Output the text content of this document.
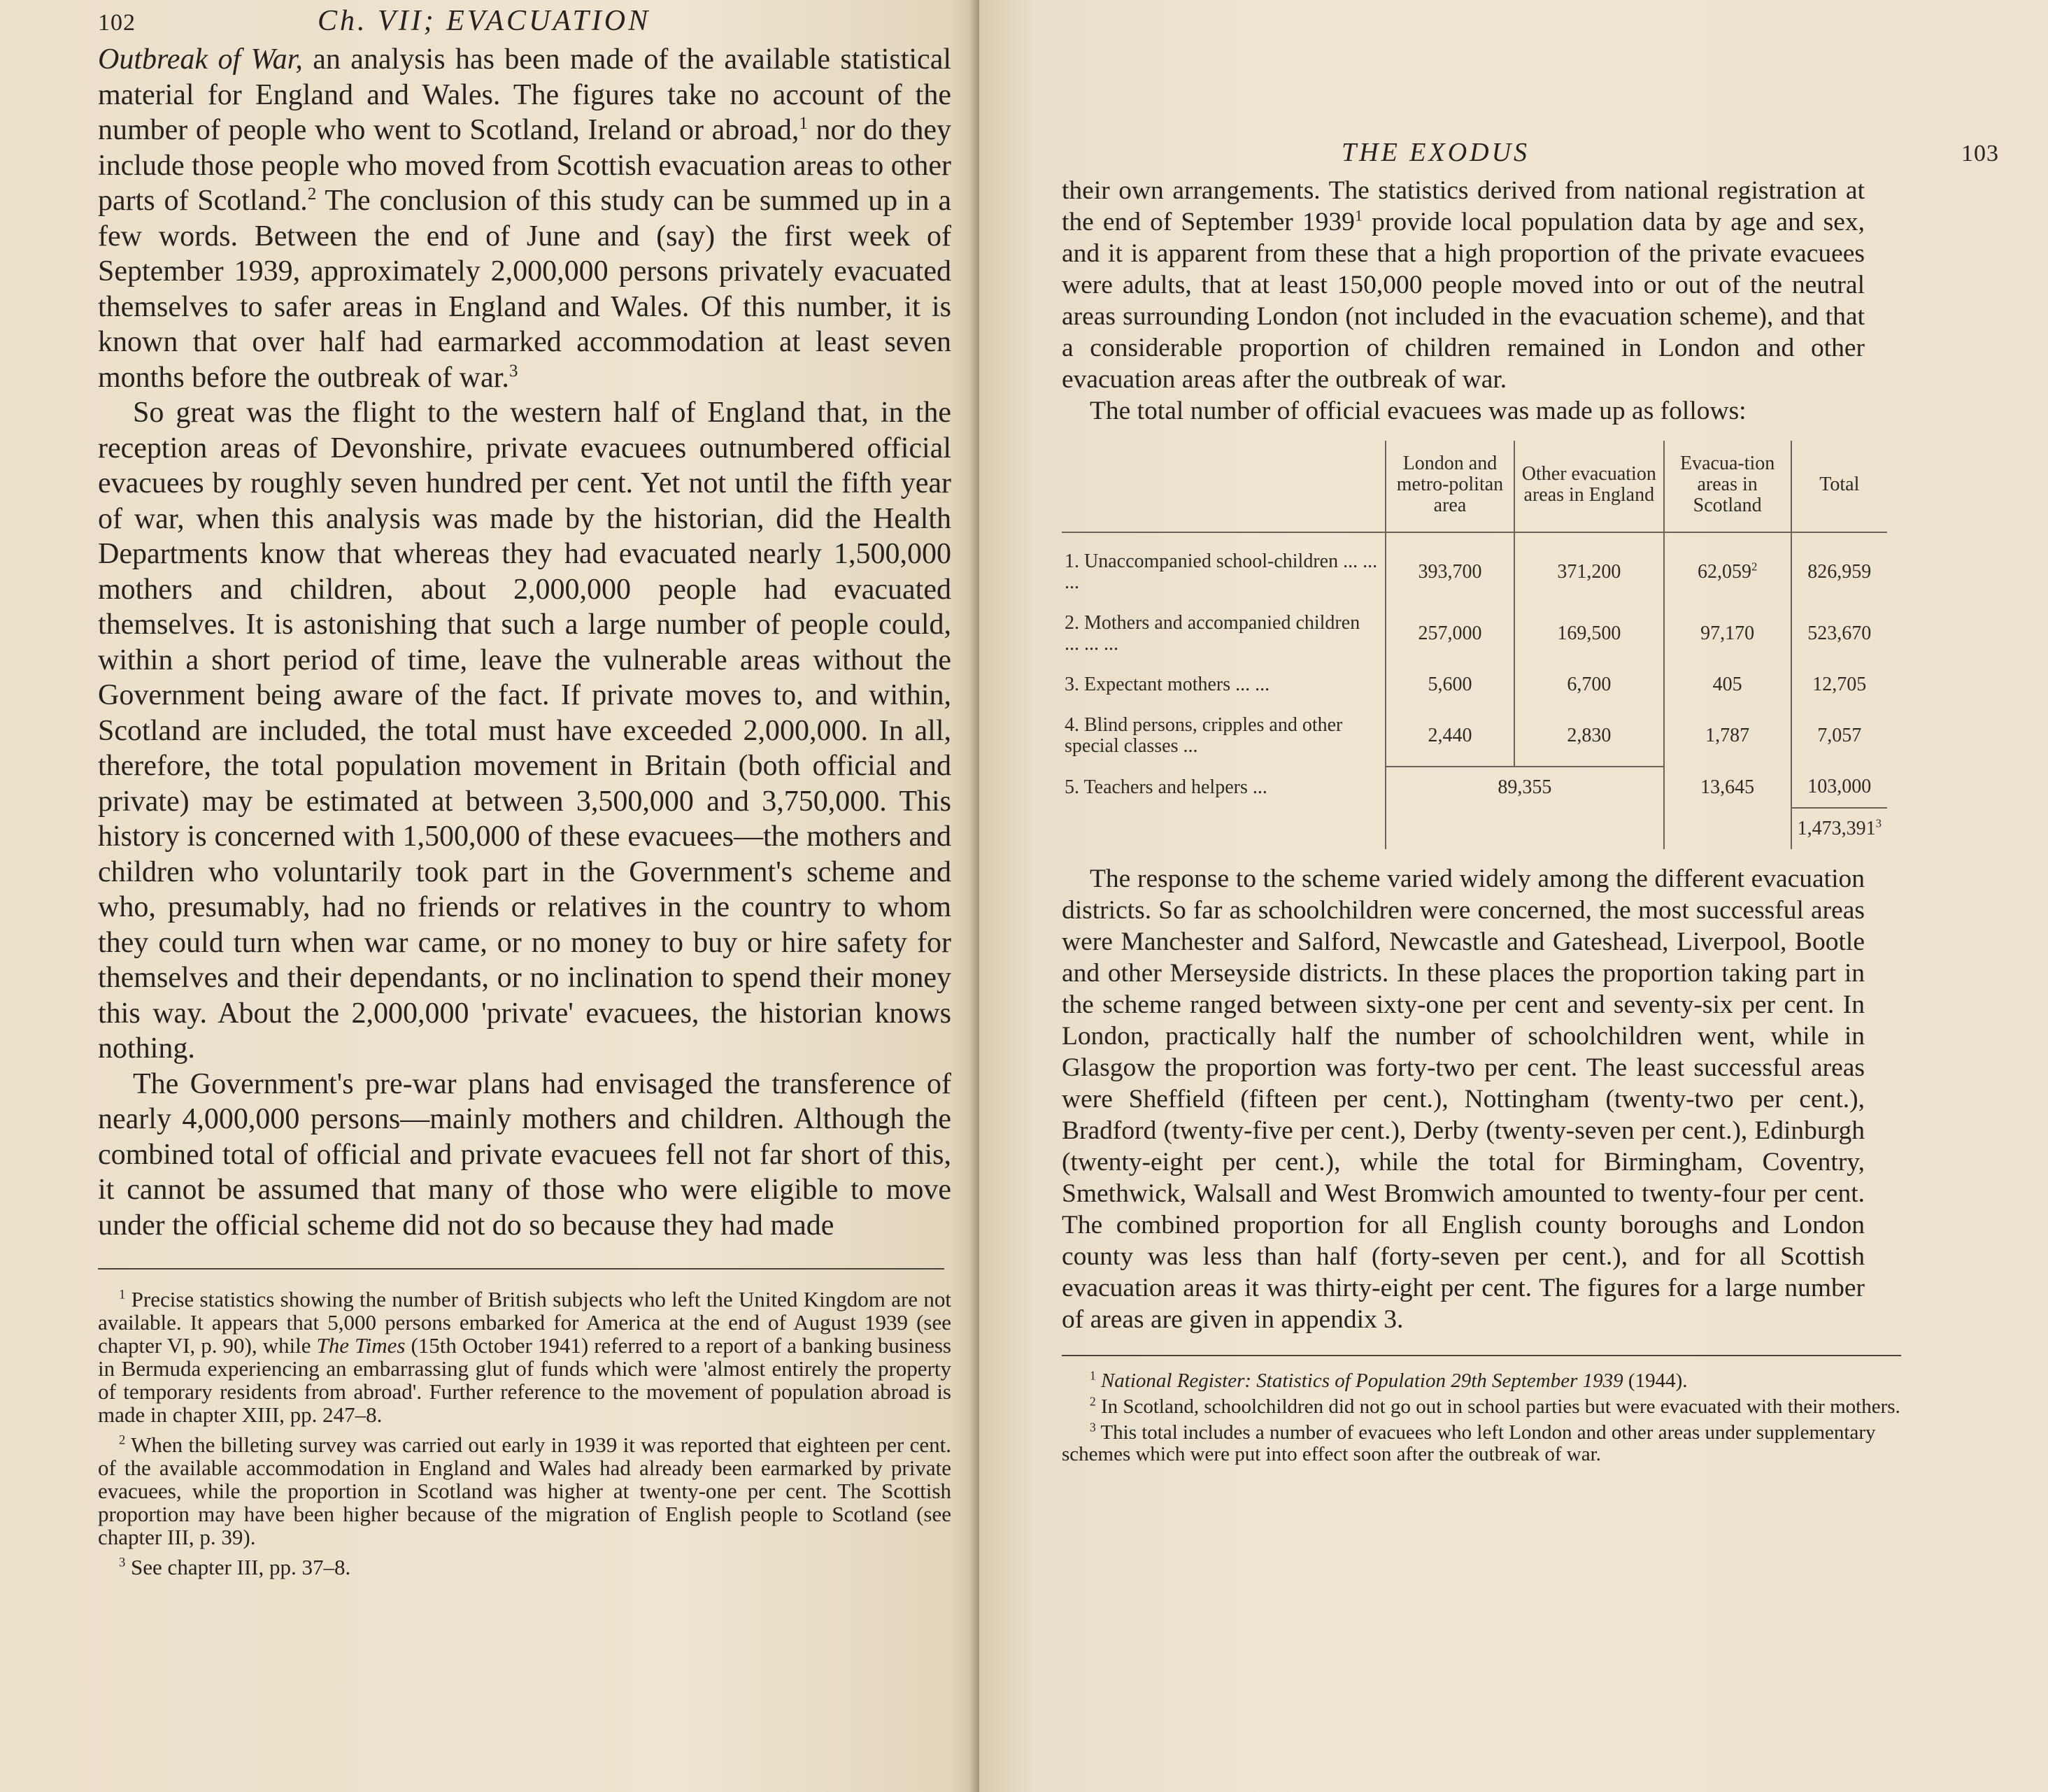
102	Ch. VII; EVACUATION

Outbreak of War, an analysis has been made of the available statistical material for England and Wales. The figures take no account of the number of people who went to Scotland, Ireland or abroad,$^1$ nor do they include those people who moved from Scottish evacuation areas to other parts of Scotland.$^2$ The conclusion of this study can be summed up in a few words. Between the end of June and (say) the first week of September 1939, approximately 2,000,000 persons privately evacuated themselves to safer areas in England and Wales. Of this number, it is known that over half had earmarked accommodation at least seven months before the outbreak of war.$^3$

So great was the flight to the western half of England that, in the reception areas of Devonshire, private evacuees outnumbered official evacuees by roughly seven hundred per cent. Yet not until the fifth year of war, when this analysis was made by the historian, did the Health Departments know that whereas they had evacuated nearly 1,500,000 mothers and children, about 2,000,000 people had evacuated themselves. It is astonishing that such a large number of people could, within a short period of time, leave the vulnerable areas without the Government being aware of the fact. If private moves to, and within, Scotland are included, the total must have exceeded 2,000,000. In all, therefore, the total population movement in Britain (both official and private) may be estimated at between 3,500,000 and 3,750,000. This history is concerned with 1,500,000 of these evacuees—the mothers and children who voluntarily took part in the Government's scheme and who, presumably, had no friends or relatives in the country to whom they could turn when war came, or no money to buy or hire safety for themselves and their dependants, or no inclination to spend their money this way. About the 2,000,000 'private' evacuees, the historian knows nothing.

The Government's pre-war plans had envisaged the transference of nearly 4,000,000 persons—mainly mothers and children. Although the combined total of official and private evacuees fell not far short of this, it cannot be assumed that many of those who were eligible to move under the official scheme did not do so because they had made

$^1$ Precise statistics showing the number of British subjects who left the United Kingdom are not available. It appears that 5,000 persons embarked for America at the end of August 1939 (see chapter VI, p. 90), while The Times (15th October 1941) referred to a report of a banking business in Bermuda experiencing an embarrassing glut of funds which were 'almost entirely the property of temporary residents from abroad'. Further reference to the movement of population abroad is made in chapter XIII, pp. 247–8.

$^2$ When the billeting survey was carried out early in 1939 it was reported that eighteen per cent. of the available accommodation in England and Wales had already been earmarked by private evacuees, while the proportion in Scotland was higher at twenty-one per cent. The Scottish proportion may have been higher because of the migration of English people to Scotland (see chapter III, p. 39).

$^3$ See chapter III, pp. 37–8.

THE EXODUS	103

their own arrangements. The statistics derived from national registration at the end of September 1939$^1$ provide local population data by age and sex, and it is apparent from these that a high proportion of the private evacuees were adults, that at least 150,000 people moved into or out of the neutral areas surrounding London (not included in the evacuation scheme), and that a considerable proportion of children remained in London and other evacuation areas after the outbreak of war.

The total number of official evacuees was made up as follows:

	London and metro-politan area	Other evacuation areas in England	Evacua-tion areas in Scotland	Total
1. Unaccompanied school-children ... ... ...	393,700	371,200	62,059$^2$	826,959
2. Mothers and accompanied children ... ... ...	257,000	169,500	97,170	523,670
3. Expectant mothers ... ...	5,600	6,700	405	12,705
4. Blind persons, cripples and other special classes ...	2,440	2,830	1,787	7,057
5. Teachers and helpers ...	89,355		13,645	103,000
				1,473,391$^3$

The response to the scheme varied widely among the different evacuation districts. So far as schoolchildren were concerned, the most successful areas were Manchester and Salford, Newcastle and Gateshead, Liverpool, Bootle and other Merseyside districts. In these places the proportion taking part in the scheme ranged between sixty-one per cent and seventy-six per cent. In London, practically half the number of schoolchildren went, while in Glasgow the proportion was forty-two per cent. The least successful areas were Sheffield (fifteen per cent.), Nottingham (twenty-two per cent.), Bradford (twenty-five per cent.), Derby (twenty-seven per cent.), Edinburgh (twenty-eight per cent.), while the total for Birmingham, Coventry, Smethwick, Walsall and West Bromwich amounted to twenty-four per cent. The combined proportion for all English county boroughs and London county was less than half (forty-seven per cent.), and for all Scottish evacuation areas it was thirty-eight per cent. The figures for a large number of areas are given in appendix 3.

$^1$ National Register: Statistics of Population 29th September 1939 (1944).

$^2$ In Scotland, schoolchildren did not go out in school parties but were evacuated with their mothers.

$^3$ This total includes a number of evacuees who left London and other areas under supplementary schemes which were put into effect soon after the outbreak of war.
